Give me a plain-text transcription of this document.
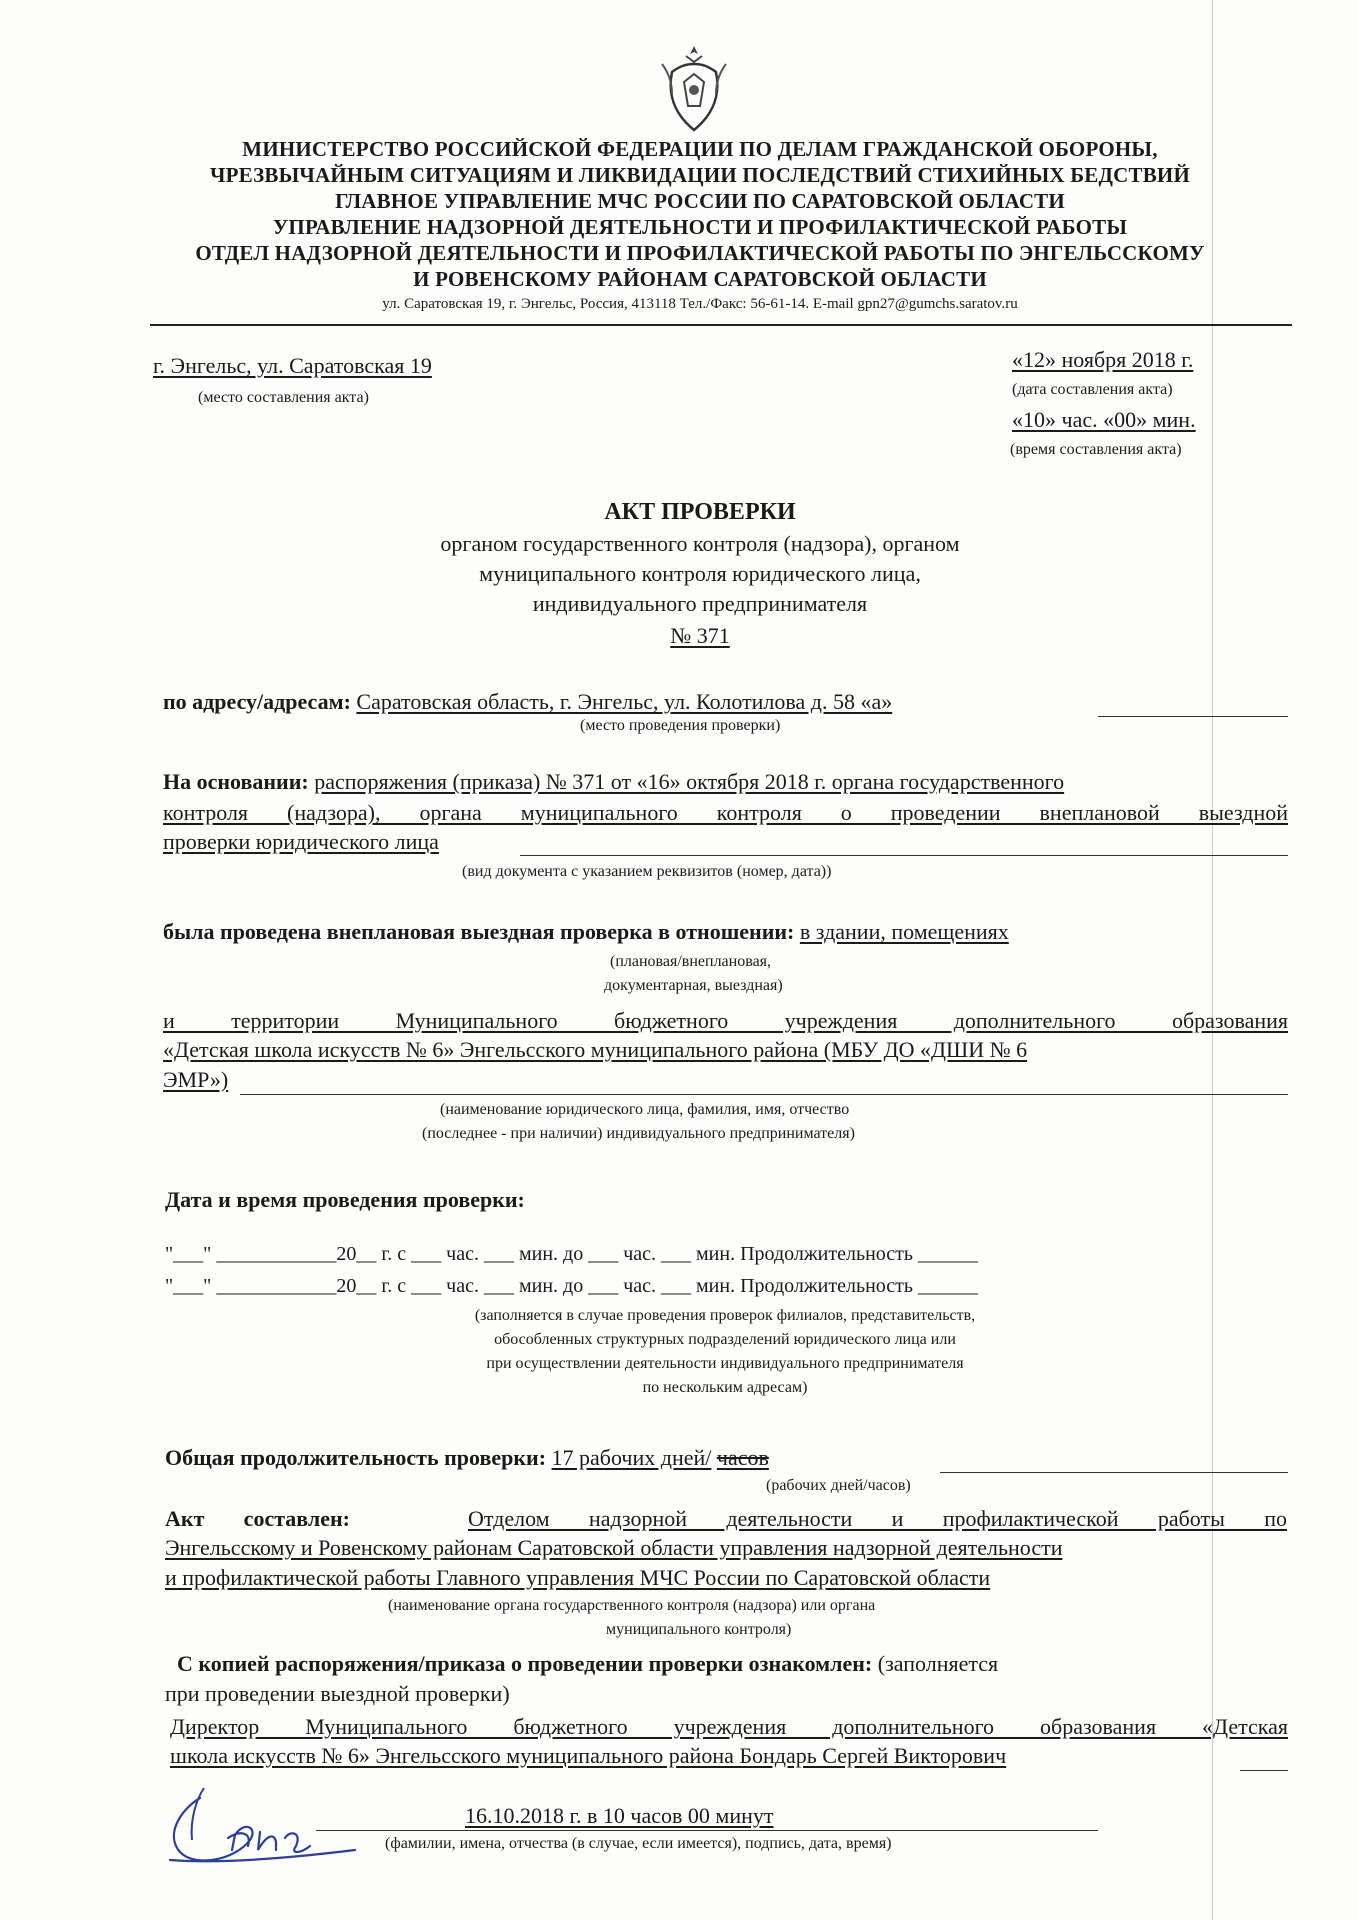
МИНИСТЕРСТВО РОССИЙСКОЙ ФЕДЕРАЦИИ ПО ДЕЛАМ ГРАЖДАНСКОЙ ОБОРОНЫ,
ЧРЕЗВЫЧАЙНЫМ СИТУАЦИЯМ И ЛИКВИДАЦИИ ПОСЛЕДСТВИЙ СТИХИЙНЫХ БЕДСТВИЙ
ГЛАВНОЕ УПРАВЛЕНИЕ МЧС РОССИИ ПО САРАТОВСКОЙ ОБЛАСТИ
УПРАВЛЕНИЕ НАДЗОРНОЙ ДЕЯТЕЛЬНОСТИ И ПРОФИЛАКТИЧЕСКОЙ РАБОТЫ
ОТДЕЛ НАДЗОРНОЙ ДЕЯТЕЛЬНОСТИ И ПРОФИЛАКТИЧЕСКОЙ РАБОТЫ ПО ЭНГЕЛЬССКОМУ
И РОВЕНСКОМУ РАЙОНАМ САРАТОВСКОЙ ОБЛАСТИ
ул. Саратовская 19, г. Энгельс, Россия, 413118 Тел./Факс: 56-61-14. E-mail gpn27@gumchs.saratov.ru
г. Энгельс, ул. Саратовская 19
(место составления акта)
«12» ноября 2018 г.
(дата составления акта)
«10» час. «00» мин.
(время составления акта)
АКТ ПРОВЕРКИ
органом государственного контроля (надзора), органом
муниципального контроля юридического лица,
индивидуального предпринимателя
№ 371
по адресу/адресам: Саратовская область, г. Энгельс, ул. Колотилова д. 58 «а»
(место проведения проверки)
На основании: распоряжения (приказа) № 371 от «16» октября 2018 г. органа государственного
контроля (надзора), органа муниципального контроля о проведении внеплановой выездной
проверки юридического лица
(вид документа с указанием реквизитов (номер, дата))
была проведена внеплановая выездная проверка в отношении: в здании, помещениях
(плановая/внеплановая,
документарная, выездная)
и территории Муниципального бюджетного учреждения дополнительного образования
«Детская школа искусств № 6» Энгельсского муниципального района (МБУ ДО «ДШИ № 6
ЭМР»)
(наименование юридического лица, фамилия, имя, отчество
(последнее - при наличии) индивидуального предпринимателя)
Дата и время проведения проверки:
"___" ____________20__ г. с ___ час. ___ мин. до ___ час. ___ мин. Продолжительность ______
"___" ____________20__ г. с ___ час. ___ мин. до ___ час. ___ мин. Продолжительность ______
(заполняется в случае проведения проверок филиалов, представительств,
обособленных структурных подразделений юридического лица или
при осуществлении деятельности индивидуального предпринимателя
по нескольким адресам)
Общая продолжительность проверки: 17 рабочих дней/ часов
(рабочих дней/часов)
Акт составлен:	Отделом надзорной деятельности и профилактической работы по
Энгельсскому и Ровенскому районам Саратовской области управления надзорной деятельности
и профилактической работы Главного управления МЧС России по Саратовской области
(наименование органа государственного контроля (надзора) или органа
муниципального контроля)
С копией распоряжения/приказа о проведении проверки ознакомлен: (заполняется
при проведении выездной проверки)
Директор Муниципального бюджетного учреждения дополнительного образования «Детская
школа искусств № 6» Энгельсского муниципального района Бондарь Сергей Викторович
16.10.2018 г. в 10 часов 00 минут
(фамилии, имена, отчества (в случае, если имеется), подпись, дата, время)
